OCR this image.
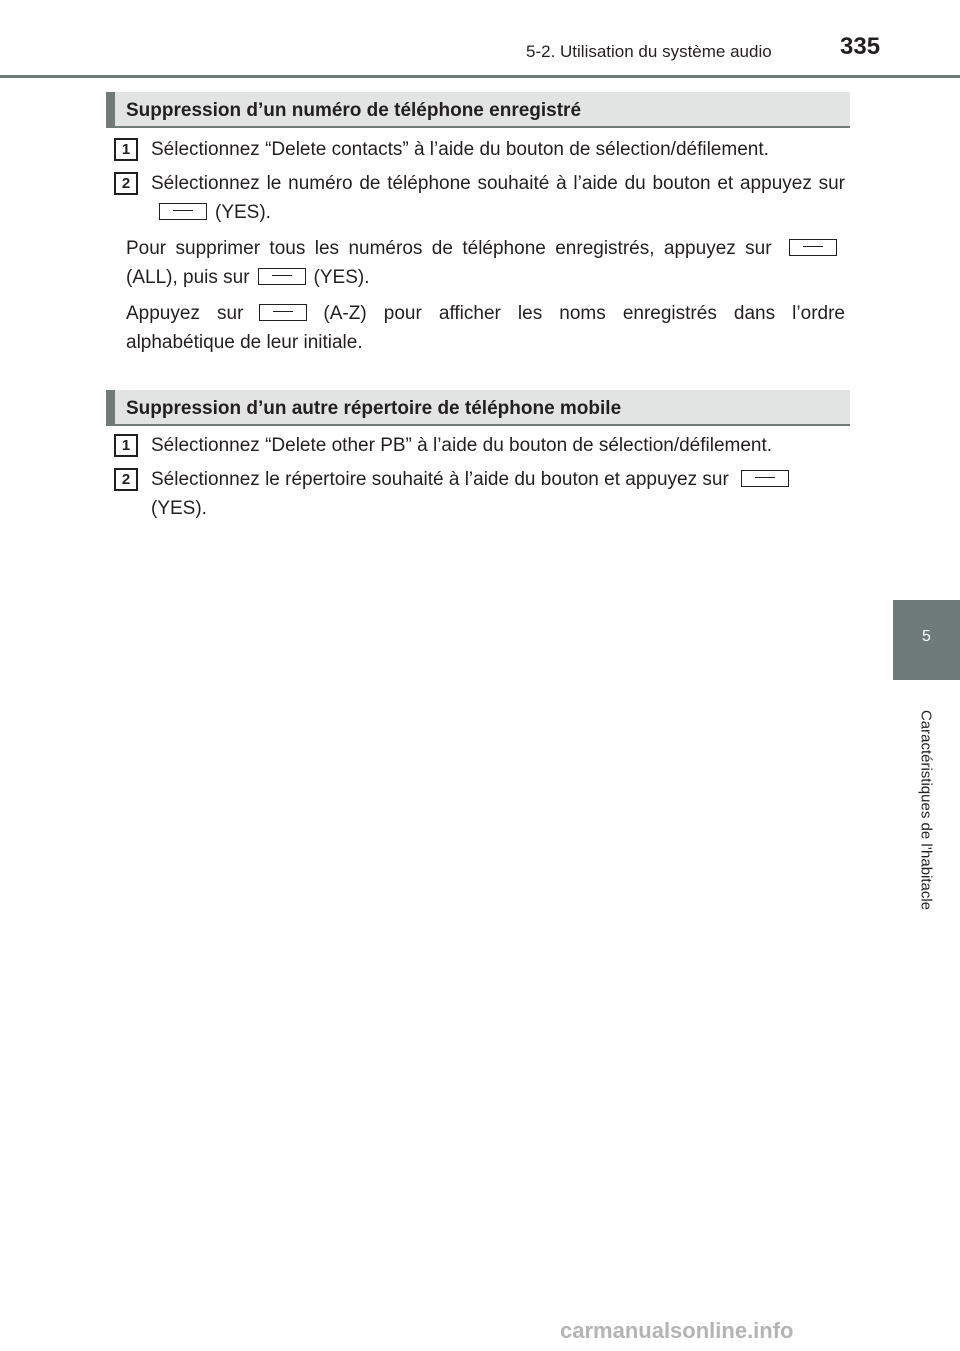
5-2. Utilisation du système audio	335
5
Caractéristiques de l’habitacle
Suppression d’un numéro de téléphone enregistré
1	Sélectionnez “Delete contacts” à l’aide du bouton de sélection/défilement.
2	Sélectionnez le numéro de téléphone souhaité à l’aide du bouton et appuyez sur(YES).
Pour supprimer tous les numéros de téléphone enregistrés, appuyez sur (ALL), puis sur	(YES).
Appuyez sur	(A-Z) pour afficher les noms enregistrés dans l’ordre alphabétique de leur initiale.
Suppression d’un autre répertoire de téléphone mobile
1	Sélectionnez “Delete other PB” à l’aide du bouton de sélection/défilement.
2	Sélectionnez le répertoire souhaité à l’aide du bouton et appuyez sur
(YES).
carmanualsonline.info
